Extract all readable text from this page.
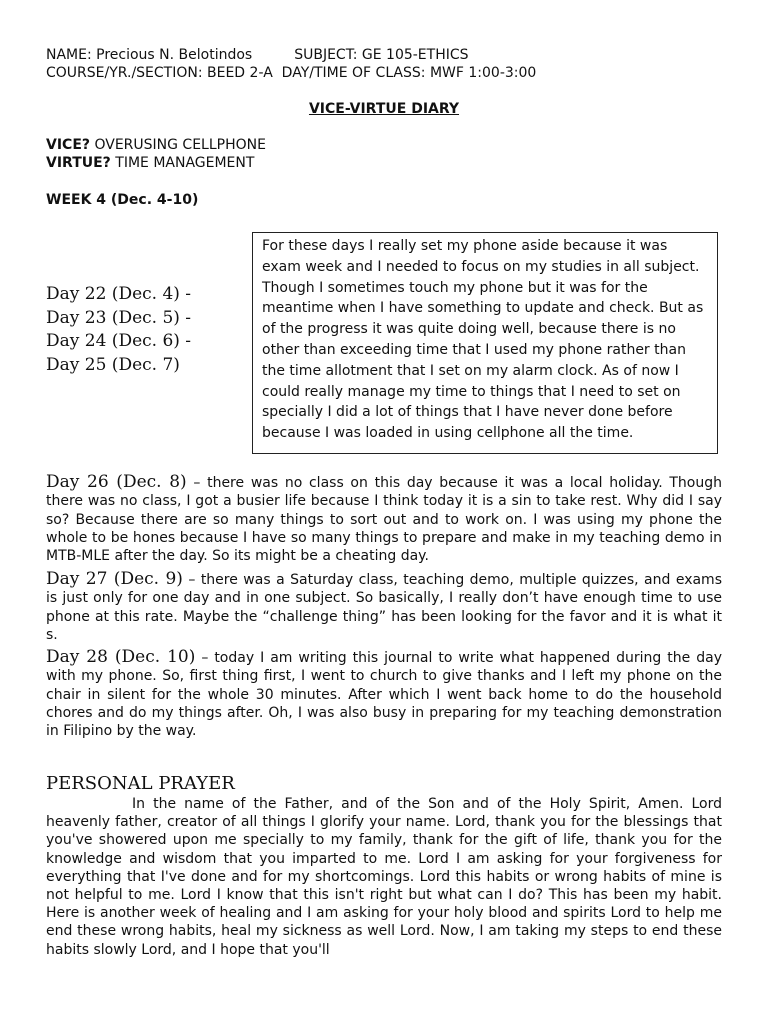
NAME: Precious N. Belotindos	SUBJECT: GE 105-ETHICS
COURSE/YR./SECTION: BEED 2-A  DAY/TIME OF CLASS: MWF 1:00-3:00
VICE-VIRTUE DIARY
VICE? OVERUSING CELLPHONE
VIRTUE? TIME MANAGEMENT
WEEK 4 (Dec. 4-10)
Day 22 (Dec. 4) -
Day 23 (Dec. 5) -
Day 24 (Dec. 6) -
Day 25 (Dec. 7)
For these days I really set my phone aside because it was exam week and I needed to focus on my studies in all subject. Though I sometimes touch my phone but it was for the meantime when I have something to update and check. But as of the progress it was quite doing well, because there is no other than exceeding time that I used my phone rather than the time allotment that I set on my alarm clock. As of now I could really manage my time to things that I need to set on specially I did a lot of things that I have never done before because I was loaded in using cellphone all the time.
Day 26 (Dec. 8) – there was no class on this day because it was a local holiday. Though there was no class, I got a busier life because I think today it is a sin to take rest. Why did I say so? Because there are so many things to sort out and to work on. I was using my phone the whole to be hones because I have so many things to prepare and make in my teaching demo in MTB-MLE after the day. So its might be a cheating day.
Day 27 (Dec. 9) – there was a Saturday class, teaching demo, multiple quizzes, and exams is just only for one day and in one subject. So basically, I really don’t have enough time to use phone at this rate. Maybe the “challenge thing” has been looking for the favor and it is what it s.
Day 28 (Dec. 10) – today I am writing this journal to write what happened during the day with my phone. So, first thing first, I went to church to give thanks and I left my phone on the chair in silent for the whole 30 minutes. After which I went back home to do the household chores and do my things after. Oh, I was also busy in preparing for my teaching demonstration in Filipino by the way.
PERSONAL PRAYER
In the name of the Father, and of the Son and of the Holy Spirit, Amen. Lord heavenly father, creator of all things I glorify your name. Lord, thank you for the blessings that you've showered upon me specially to my family, thank for the gift of life, thank you for the knowledge and wisdom that you imparted to me. Lord I am asking for your forgiveness for everything that I've done and for my shortcomings. Lord this habits or wrong habits of mine is not helpful to me. Lord I know that this isn't right but what can I do? This has been my habit. Here is another week of healing and I am asking for your holy blood and spirits Lord to help me end these wrong habits, heal my sickness as well Lord. Now, I am taking my steps to end these habits slowly Lord, and I hope that you'll
